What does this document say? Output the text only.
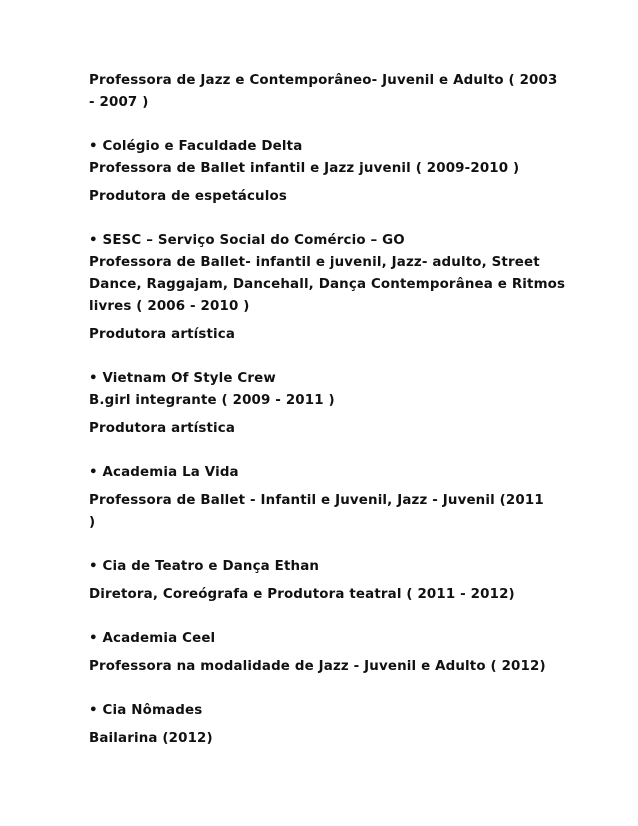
Professora de Jazz e Contemporâneo- Juvenil e Adulto ( 2003

- 2007 )

• Colégio e Faculdade Delta

Professora de Ballet infantil e Jazz juvenil ( 2009-2010 )

Produtora de espetáculos

• SESC – Serviço Social do Comércio – GO

Professora de Ballet- infantil e juvenil, Jazz- adulto, Street

Dance, Raggajam, Dancehall, Dança Contemporânea e Ritmos

livres ( 2006 - 2010 )

Produtora artística

• Vietnam Of Style Crew

B.girl integrante ( 2009 - 2011 )

Produtora artística

• Academia La Vida

Professora de Ballet - Infantil e Juvenil, Jazz - Juvenil (2011

)

• Cia de Teatro e Dança Ethan

Diretora, Coreógrafa e Produtora teatral ( 2011 - 2012)

• Academia Ceel

Professora na modalidade de Jazz - Juvenil e Adulto ( 2012)

• Cia Nômades

Bailarina (2012)
